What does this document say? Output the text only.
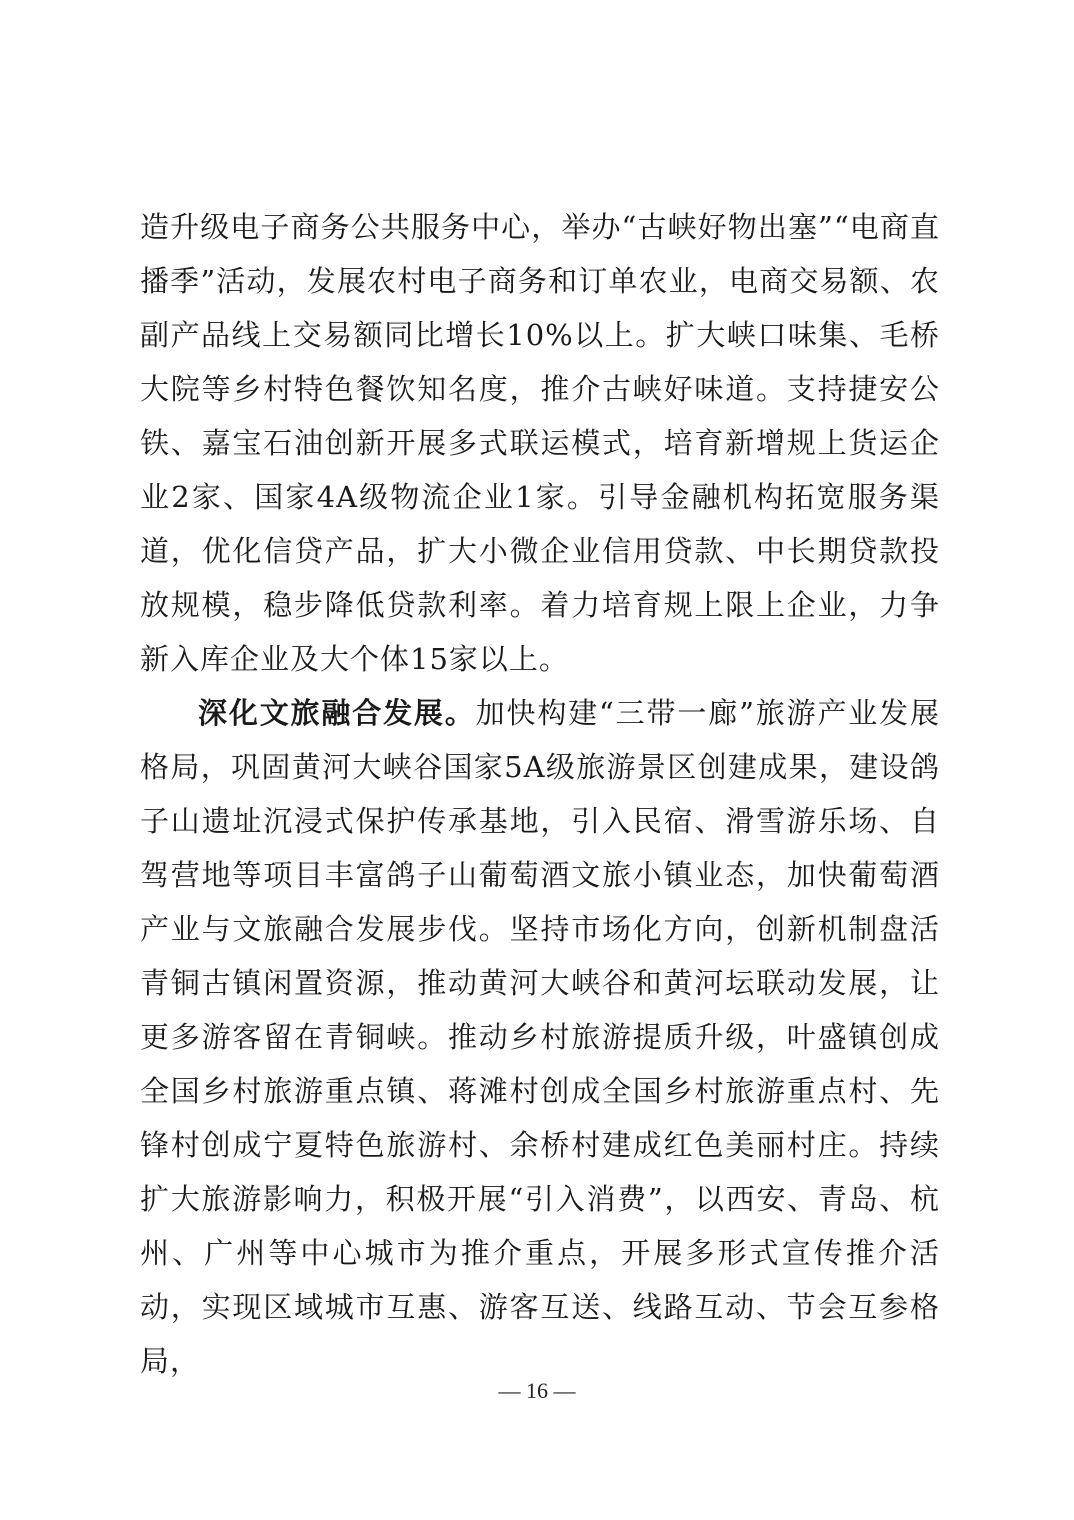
造升级电子商务公共服务中心，举办“古峡好物出塞”“电商直播季”活动，发展农村电子商务和订单农业，电商交易额、农副产品线上交易额同比增长10%以上。扩大峡口味集、毛桥大院等乡村特色餐饮知名度，推介古峡好味道。支持捷安公铁、嘉宝石油创新开展多式联运模式，培育新增规上货运企业2家、国家4A级物流企业1家。引导金融机构拓宽服务渠道，优化信贷产品，扩大小微企业信用贷款、中长期贷款投放规模，稳步降低贷款利率。着力培育规上限上企业，力争新入库企业及大个体15家以上。

深化文旅融合发展。加快构建“三带一廊”旅游产业发展格局，巩固黄河大峡谷国家5A级旅游景区创建成果，建设鸽子山遗址沉浸式保护传承基地，引入民宿、滑雪游乐场、自驾营地等项目丰富鸽子山葡萄酒文旅小镇业态，加快葡萄酒产业与文旅融合发展步伐。坚持市场化方向，创新机制盘活青铜古镇闲置资源，推动黄河大峡谷和黄河坛联动发展，让更多游客留在青铜峡。推动乡村旅游提质升级，叶盛镇创成全国乡村旅游重点镇、蒋滩村创成全国乡村旅游重点村、先锋村创成宁夏特色旅游村、余桥村建成红色美丽村庄。持续扩大旅游影响力，积极开展“引入消费”，以西安、青岛、杭州、广州等中心城市为推介重点，开展多形式宣传推介活动，实现区域城市互惠、游客互送、线路互动、节会互参格局，

— 16 —
